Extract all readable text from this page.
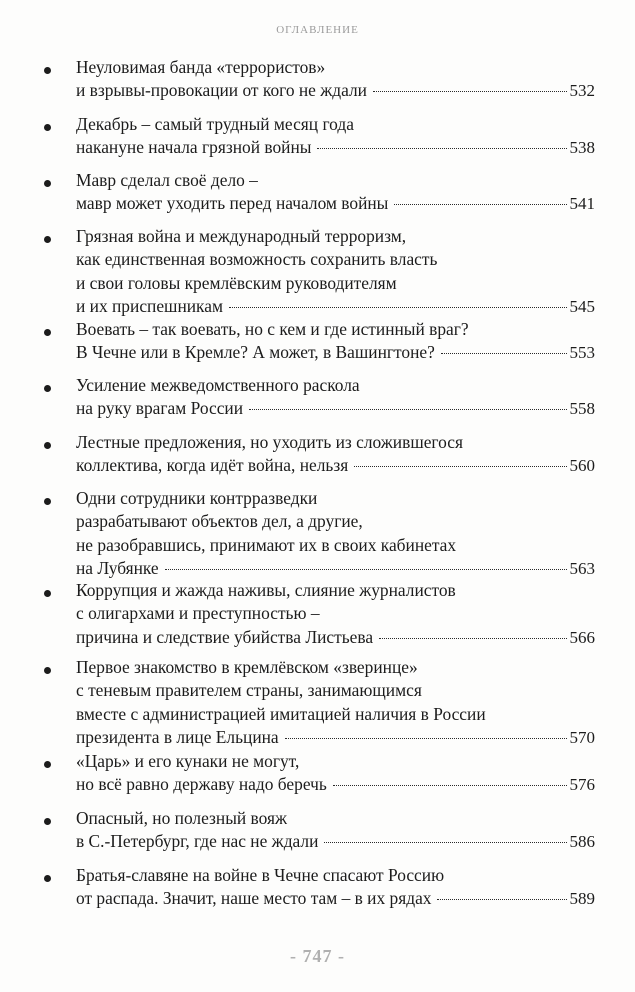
ОГЛАВЛЕНИЕ
Неуловимая банда «террористов»
и взрывы-провокации от кого не ждали	532
Декабрь – самый трудный месяц года
накануне начала грязной войны	538
Мавр сделал своё дело –
мавр может уходить перед началом войны	541
Грязная война и международный терроризм,
как единственная возможность сохранить власть
и свои головы кремлёвским руководителям
и их приспешникам	545
Воевать – так воевать, но с кем и где истинный враг?
В Чечне или в Кремле? А может, в Вашингтоне?	553
Усиление межведомственного раскола
на руку врагам России	558
Лестные предложения, но уходить из сложившегося
коллектива, когда идёт война, нельзя	560
Одни сотрудники контрразведки
разрабатывают объектов дел, а другие,
не разобравшись, принимают их в своих кабинетах
на Лубянке	563
Коррупция и жажда наживы, слияние журналистов
с олигархами и преступностью –
причина и следствие убийства Листьева	566
Первое знакомство в кремлёвском «зверинце»
с теневым правителем страны, занимающимся
вместе с администрацией имитацией наличия в России
президента в лице Ельцина	570
«Царь» и его кунаки не могут,
но всё равно державу надо беречь	576
Опасный, но полезный вояж
в С.-Петербург, где нас не ждали	586
Братья-славяне на войне в Чечне спасают Россию
от распада. Значит, наше место там – в их рядах	589
- 747 -
